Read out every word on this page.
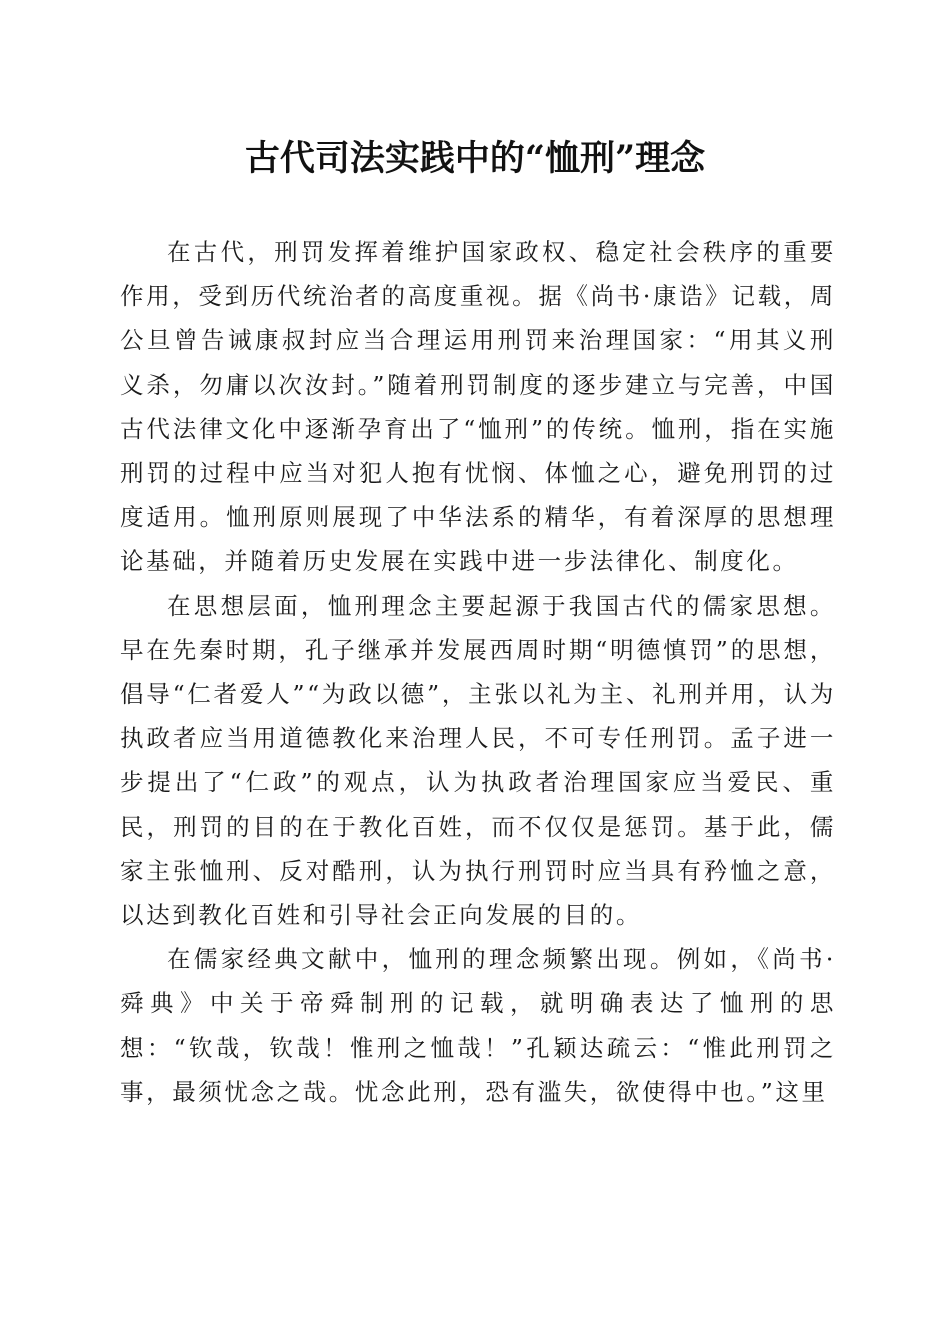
古代司法实践中的“恤刑”理念

在古代，刑罚发挥着维护国家政权、稳定社会秩序的重要作用，受到历代统治者的高度重视。据《尚书·康诰》记载，周公旦曾告诫康叔封应当合理运用刑罚来治理国家：“用其义刑义杀，勿庸以次汝封。”随着刑罚制度的逐步建立与完善，中国古代法律文化中逐渐孕育出了“恤刑”的传统。恤刑，指在实施刑罚的过程中应当对犯人抱有忧悯、体恤之心，避免刑罚的过度适用。恤刑原则展现了中华法系的精华，有着深厚的思想理论基础，并随着历史发展在实践中进一步法律化、制度化。

在思想层面，恤刑理念主要起源于我国古代的儒家思想。早在先秦时期，孔子继承并发展西周时期“明德慎罚”的思想，倡导“仁者爱人”“为政以德”，主张以礼为主、礼刑并用，认为执政者应当用道德教化来治理人民，不可专任刑罚。孟子进一步提出了“仁政”的观点，认为执政者治理国家应当爱民、重民，刑罚的目的在于教化百姓，而不仅仅是惩罚。基于此，儒家主张恤刑、反对酷刑，认为执行刑罚时应当具有矜恤之意，以达到教化百姓和引导社会正向发展的目的。

在儒家经典文献中，恤刑的理念频繁出现。例如，《尚书·舜典》中关于帝舜制刑的记载，就明确表达了恤刑的思想：“钦哉，钦哉！惟刑之恤哉！”孔颖达疏云：“惟此刑罚之事，最须忧念之哉。忧念此刑，恐有滥失，欲使得中也。”这里
